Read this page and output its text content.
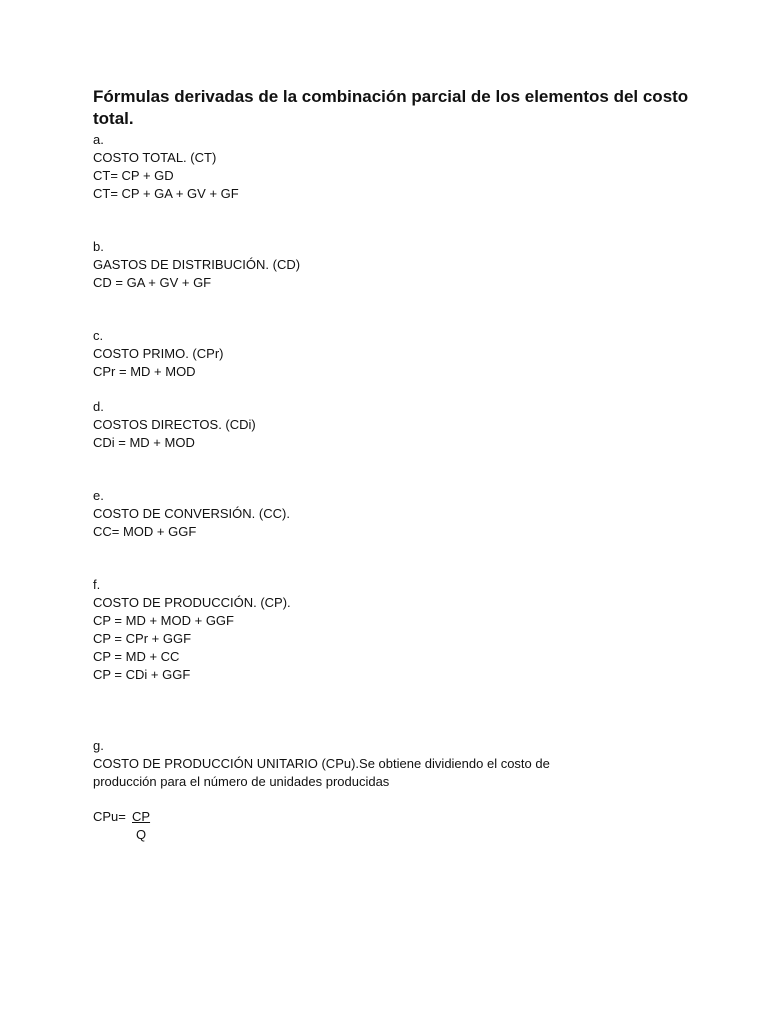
Fórmulas derivadas de la combinación parcial de los elementos del costo total.
a.
COSTO TOTAL. (CT)
CT= CP + GD
CT= CP + GA + GV + GF
b.
GASTOS DE DISTRIBUCIÓN. (CD)
CD = GA + GV + GF
c.
COSTO PRIMO. (CPr)
CPr = MD + MOD
d.
COSTOS DIRECTOS. (CDi)
CDi = MD + MOD
e.
COSTO DE CONVERSIÓN. (CC).
CC= MOD + GGF
f.
COSTO DE PRODUCCIÓN. (CP).
CP = MD + MOD + GGF
CP = CPr + GGF
CP = MD + CC
CP = CDi + GGF
g.
COSTO DE PRODUCCIÓN UNITARIO (CPu).Se obtiene dividiendo el costo de producción para el número de unidades producidas
CPu= CP
Q
